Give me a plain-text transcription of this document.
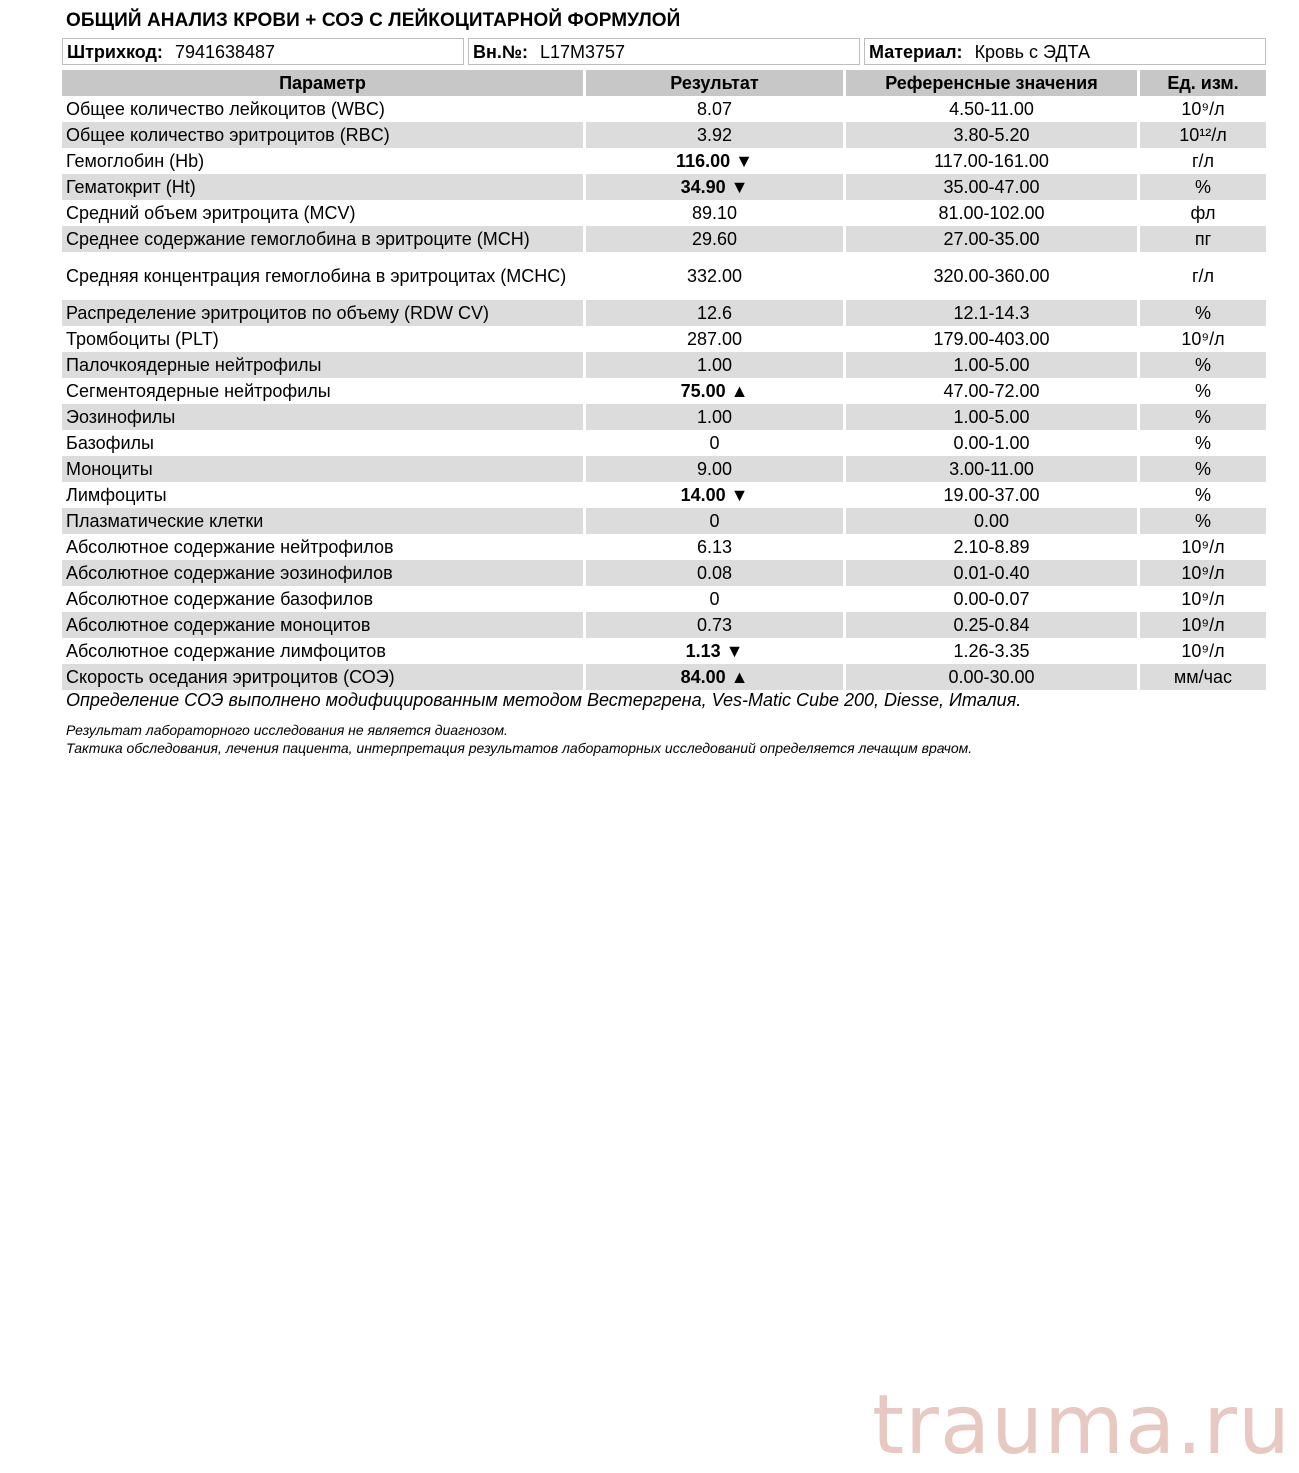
ОБЩИЙ АНАЛИЗ КРОВИ + СОЭ С ЛЕЙКОЦИТАРНОЙ ФОРМУЛОЙ
Штрихкод: 7941638487	Вн.№: L17M3757	Материал: Кровь с ЭДТА
Параметр	Результат	Референсные значения	Ед. изм.
Общее количество лейкоцитов (WBC)	8.07	4.50-11.00	10⁹/л
Общее количество эритроцитов (RBC)	3.92	3.80-5.20	10¹²/л
Гемоглобин (Hb)	116.00 ▼	117.00-161.00	г/л
Гематокрит (Ht)	34.90 ▼	35.00-47.00	%
Средний объем эритроцита (MCV)	89.10	81.00-102.00	фл
Среднее содержание гемоглобина в эритроците (MCH)	29.60	27.00-35.00	пг
Средняя концентрация гемоглобина в эритроцитах (MCHC)	332.00	320.00-360.00	г/л
Распределение эритроцитов по объему (RDW CV)	12.6	12.1-14.3	%
Тромбоциты (PLT)	287.00	179.00-403.00	10⁹/л
Палочкоядерные нейтрофилы	1.00	1.00-5.00	%
Сегментоядерные нейтрофилы	75.00 ▲	47.00-72.00	%
Эозинофилы	1.00	1.00-5.00	%
Базофилы	0	0.00-1.00	%
Моноциты	9.00	3.00-11.00	%
Лимфоциты	14.00 ▼	19.00-37.00	%
Плазматические клетки	0	0.00	%
Абсолютное содержание нейтрофилов	6.13	2.10-8.89	10⁹/л
Абсолютное содержание эозинофилов	0.08	0.01-0.40	10⁹/л
Абсолютное содержание базофилов	0	0.00-0.07	10⁹/л
Абсолютное содержание моноцитов	0.73	0.25-0.84	10⁹/л
Абсолютное содержание лимфоцитов	1.13 ▼	1.26-3.35	10⁹/л
Скорость оседания эритроцитов (СОЭ)	84.00 ▲	0.00-30.00	мм/час
Определение СОЭ выполнено модифицированным методом Вестергрена, Ves-Matic Cube 200, Diesse, Италия.
Результат лабораторного исследования не является диагнозом.
Тактика обследования, лечения пациента, интерпретация результатов лабораторных исследований определяется лечащим врачом.
trauma.ru
